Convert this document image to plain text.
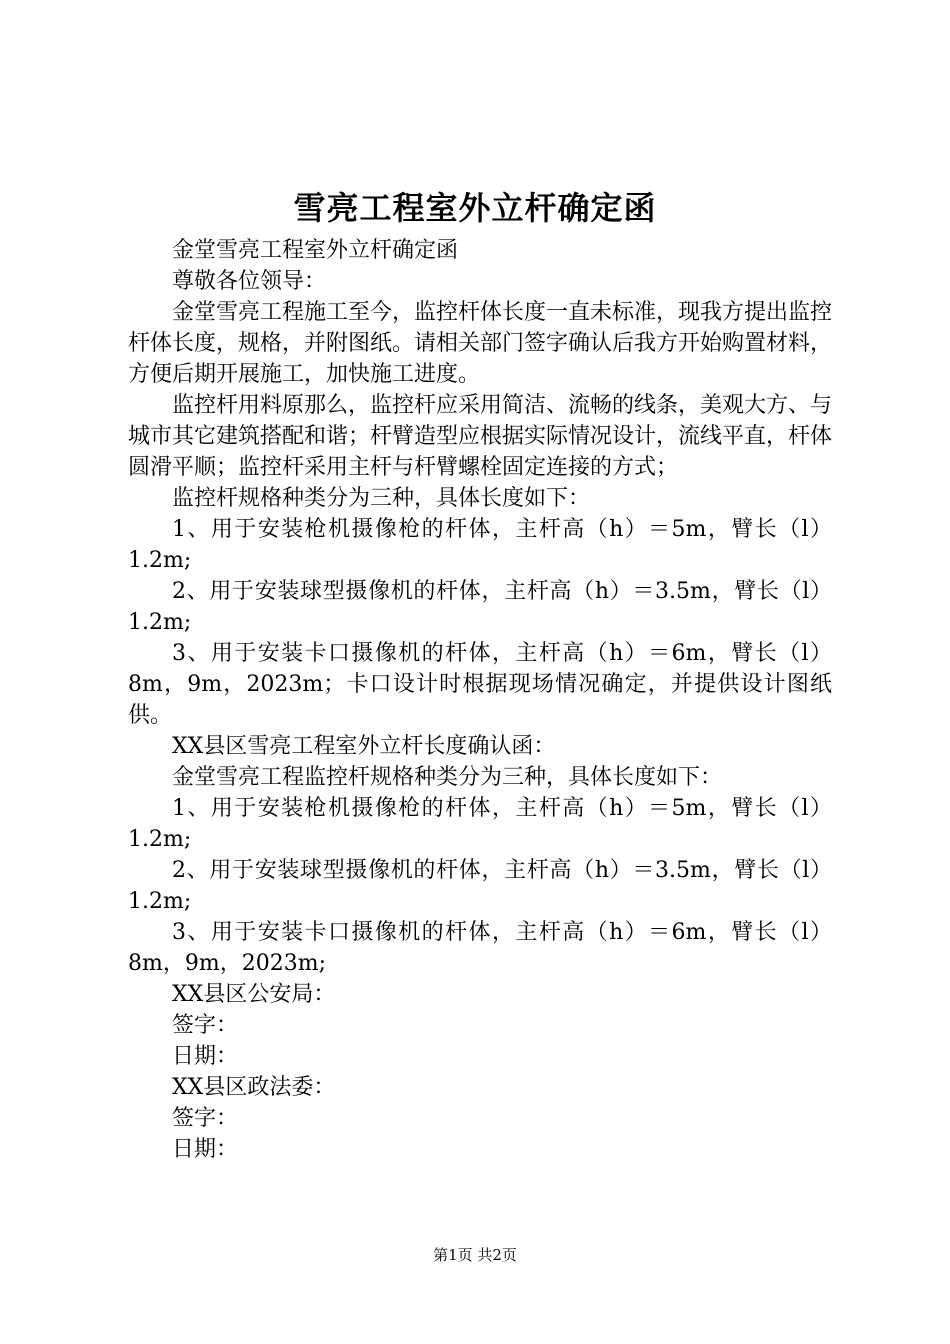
雪亮工程室外立杆确定函

金堂雪亮工程室外立杆确定函

尊敬各位领导：

金堂雪亮工程施工至今，监控杆体长度一直未标准，现我方提出监控杆体长度，规格，并附图纸。请相关部门签字确认后我方开始购置材料，方便后期开展施工，加快施工进度。

监控杆用料原那么，监控杆应采用简洁、流畅的线条，美观大方、与城市其它建筑搭配和谐；杆臂造型应根据实际情况设计，流线平直，杆体圆滑平顺；监控杆采用主杆与杆臂螺栓固定连接的方式；

监控杆规格种类分为三种，具体长度如下：

1、用于安装枪机摄像枪的杆体，主杆高（h）＝5m，臂长（l）1.2m;

2、用于安装球型摄像机的杆体，主杆高（h）＝3.5m，臂长（l）1.2m;

3、用于安装卡口摄像机的杆体，主杆高（h）＝6m，臂长（l）8m，9m，2023m；卡口设计时根据现场情况确定，并提供设计图纸供。

XX县区雪亮工程室外立杆长度确认函：

金堂雪亮工程监控杆规格种类分为三种，具体长度如下：

1、用于安装枪机摄像枪的杆体，主杆高（h）＝5m，臂长（l）1.2m;

2、用于安装球型摄像机的杆体，主杆高（h）＝3.5m，臂长（l）1.2m;

3、用于安装卡口摄像机的杆体，主杆高（h）＝6m，臂长（l）8m，9m，2023m;

XX县区公安局：

签字：

日期：

XX县区政法委：

签字：

日期：

第1页 共2页
